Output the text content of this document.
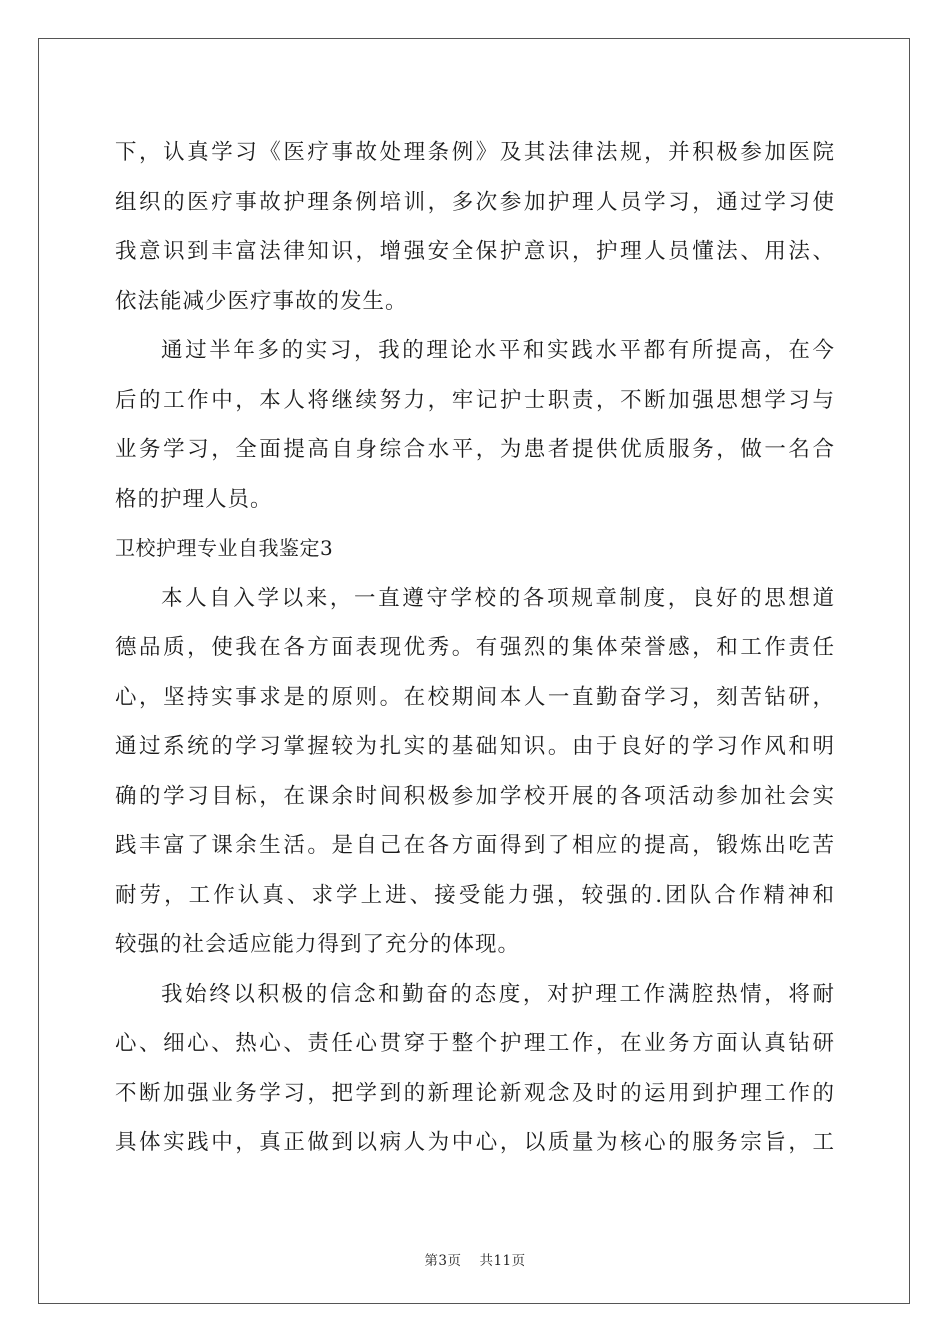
下，认真学习《医疗事故处理条例》及其法律法规，并积极参加医院
组织的医疗事故护理条例培训，多次参加护理人员学习，通过学习使
我意识到丰富法律知识，增强安全保护意识，护理人员懂法、用法、
依法能减少医疗事故的发生。
通过半年多的实习，我的理论水平和实践水平都有所提高，在今
后的工作中，本人将继续努力，牢记护士职责，不断加强思想学习与
业务学习，全面提高自身综合水平，为患者提供优质服务，做一名合
格的护理人员。
卫校护理专业自我鉴定3
本人自入学以来，一直遵守学校的各项规章制度，良好的思想道
德品质，使我在各方面表现优秀。有强烈的集体荣誉感，和工作责任
心，坚持实事求是的原则。在校期间本人一直勤奋学习，刻苦钻研，
通过系统的学习掌握较为扎实的基础知识。由于良好的学习作风和明
确的学习目标，在课余时间积极参加学校开展的各项活动参加社会实
践丰富了课余生活。是自己在各方面得到了相应的提高，锻炼出吃苦
耐劳，工作认真、求学上进、接受能力强，较强的.团队合作精神和
较强的社会适应能力得到了充分的体现。
我始终以积极的信念和勤奋的态度，对护理工作满腔热情，将耐
心、细心、热心、责任心贯穿于整个护理工作，在业务方面认真钻研
不断加强业务学习，把学到的新理论新观念及时的运用到护理工作的
具体实践中，真正做到以病人为中心，以质量为核心的服务宗旨，工
第3页 共11页
